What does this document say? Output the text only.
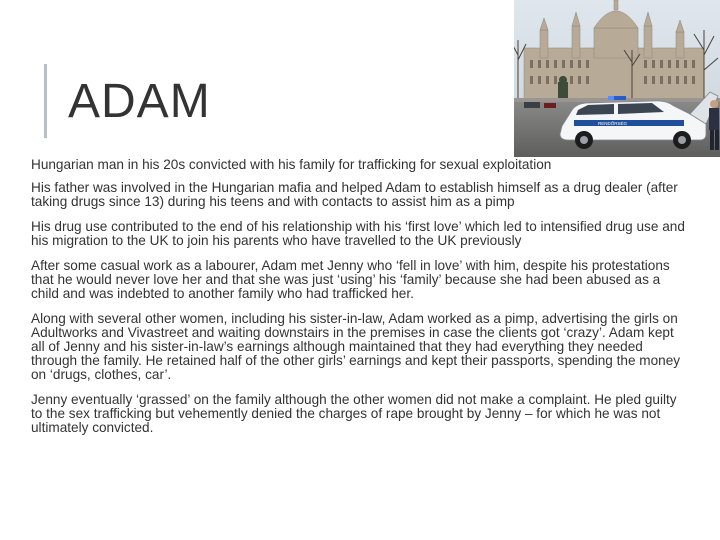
ADAM	RENDŐRSÉG

Hungarian man in his 20s convicted with his family for trafficking for sexual exploitation

His father was involved in the Hungarian mafia and helped Adam to establish himself as a drug dealer (after taking drugs since 13) during his teens and with contacts to assist him as a pimp

His drug use contributed to the end of his relationship with his ‘first love’ which led to intensified drug use and his migration to the UK to join his parents who have travelled to the UK previously

After some casual work as a labourer, Adam met Jenny who ‘fell in love’ with him, despite his protestations that he would never love her and that she was just ‘using’ his ‘family’ because she had been abused as a child and was indebted to another family who had trafficked her.

Along with several other women, including his sister-in-law, Adam worked as a pimp, advertising the girls on Adultworks and Vivastreet and waiting downstairs in the premises in case the clients got ‘crazy’. Adam kept all of Jenny and his sister-in-law’s earnings although maintained that they had everything they needed through the family. He retained half of the other girls’ earnings and kept their passports, spending the money on ‘drugs, clothes, car’.

Jenny eventually ‘grassed’ on the family although the other women did not make a complaint. He pled guilty to the sex trafficking but vehemently denied the charges of rape brought by Jenny – for which he was not ultimately convicted.
